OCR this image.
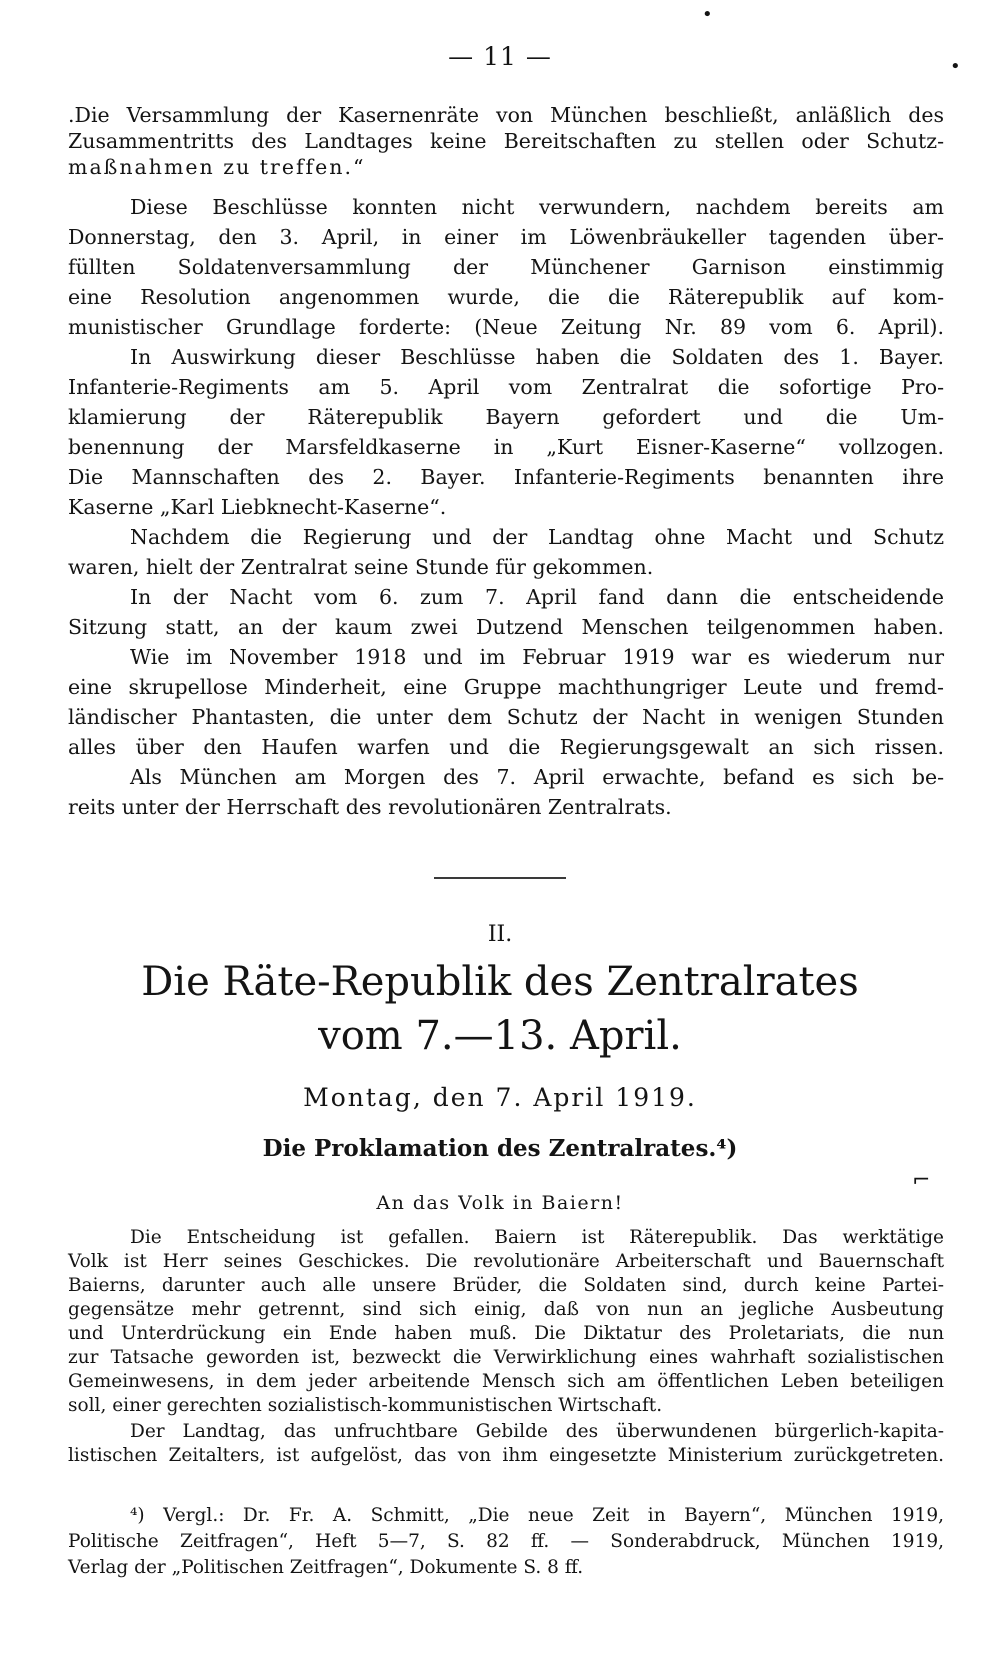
— 11 —
•
•
⌐
.Die Versammlung der Kasernenräte von München beschließt, anläßlich des
Zusammentritts des Landtages keine Bereitschaften zu stellen oder Schutz-
maßnahmen zu treffen.“
Diese Beschlüsse konnten nicht verwundern, nachdem bereits am
Donnerstag, den 3. April, in einer im Löwenbräukeller tagenden über-
füllten Soldatenversammlung der Münchener Garnison einstimmig
eine Resolution angenommen wurde, die die Räterepublik auf kom-
munistischer Grundlage forderte: (Neue Zeitung Nr. 89 vom 6. April).
In Auswirkung dieser Beschlüsse haben die Soldaten des 1. Bayer.
Infanterie-Regiments am 5. April vom Zentralrat die sofortige Pro-
klamierung der Räterepublik Bayern gefordert und die Um-
benennung der Marsfeldkaserne in „Kurt Eisner-Kaserne“ vollzogen.
Die Mannschaften des 2. Bayer. Infanterie-Regiments benannten ihre
Kaserne „Karl Liebknecht-Kaserne“.
Nachdem die Regierung und der Landtag ohne Macht und Schutz
waren, hielt der Zentralrat seine Stunde für gekommen.
In der Nacht vom 6. zum 7. April fand dann die entscheidende
Sitzung statt, an der kaum zwei Dutzend Menschen teilgenommen haben.
Wie im November 1918 und im Februar 1919 war es wiederum nur
eine skrupellose Minderheit, eine Gruppe machthungriger Leute und fremd-
ländischer Phantasten, die unter dem Schutz der Nacht in wenigen Stunden
alles über den Haufen warfen und die Regierungsgewalt an sich rissen.
Als München am Morgen des 7. April erwachte, befand es sich be-
reits unter der Herrschaft des revolutionären Zentralrats.
II.
Die Räte-Republik des Zentralrates
vom 7.—13. April.
Montag, den 7. April 1919.
Die Proklamation des Zentralrates.⁴)
An das Volk in Baiern!
Die Entscheidung ist gefallen. Baiern ist Räterepublik. Das werktätige
Volk ist Herr seines Geschickes. Die revolutionäre Arbeiterschaft und Bauernschaft
Baierns, darunter auch alle unsere Brüder, die Soldaten sind, durch keine Partei-
gegensätze mehr getrennt, sind sich einig, daß von nun an jegliche Ausbeutung
und Unterdrückung ein Ende haben muß. Die Diktatur des Proletariats, die nun
zur Tatsache geworden ist, bezweckt die Verwirklichung eines wahrhaft sozialistischen
Gemeinwesens, in dem jeder arbeitende Mensch sich am öffentlichen Leben beteiligen
soll, einer gerechten sozialistisch-kommunistischen Wirtschaft.
Der Landtag, das unfruchtbare Gebilde des überwundenen bürgerlich-kapita-
listischen Zeitalters, ist aufgelöst, das von ihm eingesetzte Ministerium zurückgetreten.
⁴) Vergl.: Dr. Fr. A. Schmitt, „Die neue Zeit in Bayern“, München 1919,
Politische Zeitfragen“, Heft 5—7, S. 82 ff. — Sonderabdruck, München 1919,
Verlag der „Politischen Zeitfragen“, Dokumente S. 8 ff.
